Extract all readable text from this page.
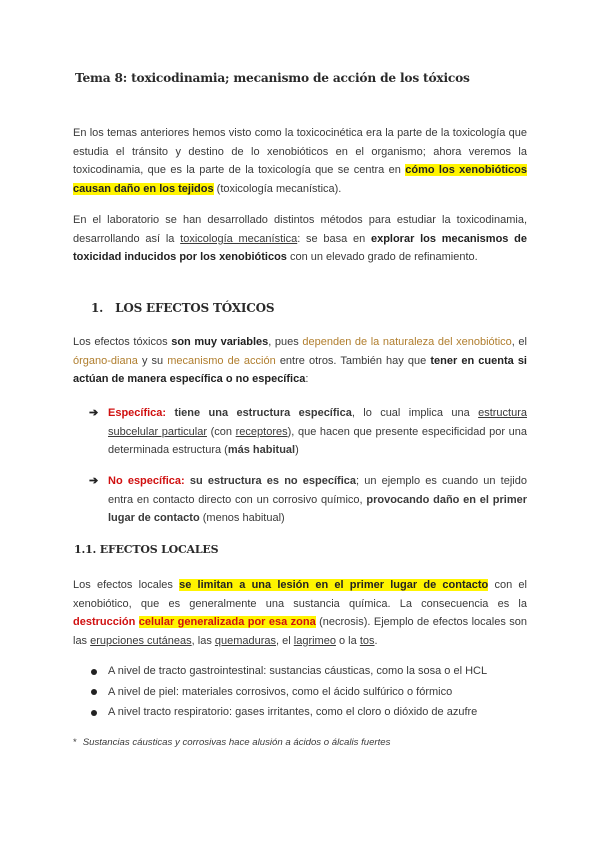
Tema 8: toxicodinamia; mecanismo de acción de los tóxicos

En los temas anteriores hemos visto como la toxicocinética era la parte de la toxicología que estudia el tránsito y destino de lo xenobióticos en el organismo; ahora veremos la toxicodinamia, que es la parte de la toxicología que se centra en cómo los xenobióticos causan daño en los tejidos (toxicología mecanística).

En el laboratorio se han desarrollado distintos métodos para estudiar la toxicodinamia, desarrollando así la toxicología mecanística: se basa en explorar los mecanismos de toxicidad inducidos por los xenobióticos con un elevado grado de refinamiento.

1. LOS EFECTOS TÓXICOS

Los efectos tóxicos son muy variables, pues dependen de la naturaleza del xenobiótico, el órgano-diana y su mecanismo de acción entre otros. También hay que tener en cuenta si actúan de manera específica o no específica:

➔ Específica: tiene una estructura específica, lo cual implica una estructura subcelular particular (con receptores), que hacen que presente especificidad por una determinada estructura (más habitual)
➔ No específica: su estructura es no específica; un ejemplo es cuando un tejido entra en contacto directo con un corrosivo químico, provocando daño en el primer lugar de contacto (menos habitual)
1.1. EFECTOS LOCALES

Los efectos locales se limitan a una lesión en el primer lugar de contacto con el xenobiótico, que es generalmente una sustancia química. La consecuencia es la destrucción celular generalizada por esa zona (necrosis). Ejemplo de efectos locales son las erupciones cutáneas, las quemaduras, el lagrimeo o la tos.

A nivel de tracto gastrointestinal: sustancias cáusticas, como la sosa o el HCL
A nivel de piel: materiales corrosivos, como el ácido sulfúrico o fórmico
A nivel tracto respiratorio: gases irritantes, como el cloro o dióxido de azufre
* Sustancias cáusticas y corrosivas hace alusión a ácidos o álcalis fuertes
